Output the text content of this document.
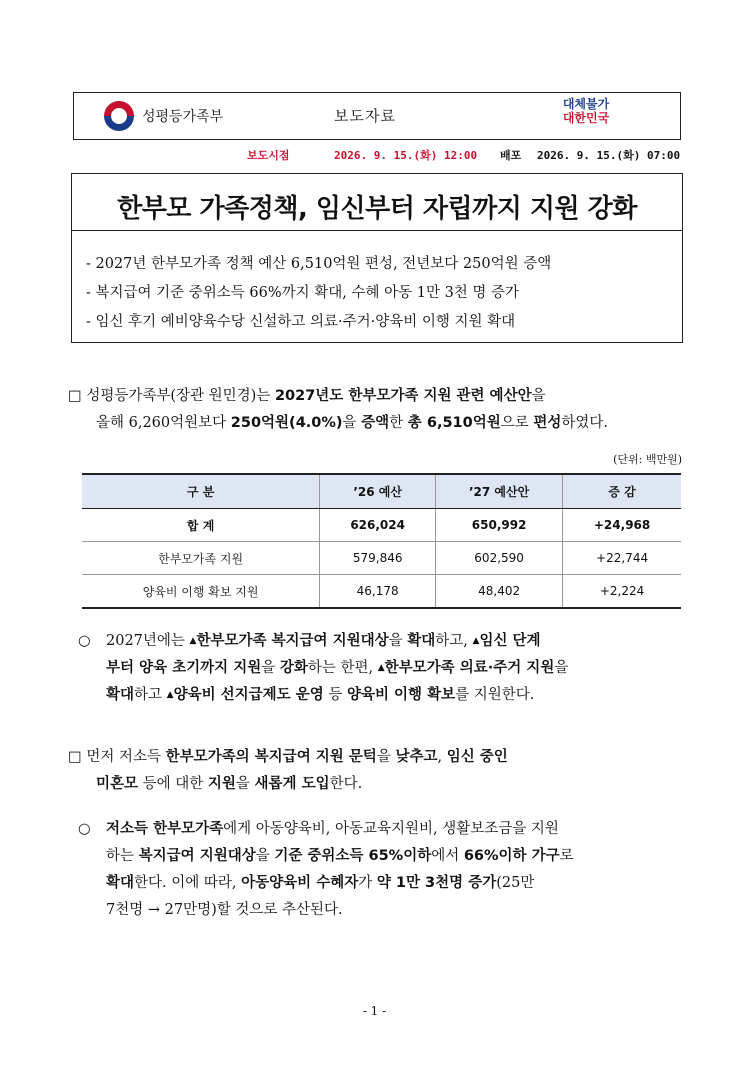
성평등가족부	보도자료
대체불가
대한민국
보도시점	2026. 9. 15.(화) 12:00 배포 2026. 9. 15.(화) 07:00
한부모 가족정책, 임신부터 자립까지 지원 강화
- 2027년 한부모가족 정책 예산 6,510억원 편성, 전년보다 250억원 증액
- 복지급여 기준 중위소득 66%까지 확대, 수혜 아동 1만 3천 명 증가
- 임신 후기 예비양육수당 신설하고 의료·주거·양육비 이행 지원 확대
□ 성평등가족부(장관 원민경)는 2027년도 한부모가족 지원 관련 예산안을
올해 6,260억원보다 250억원(4.0%)을 증액한 총 6,510억원으로 편성하였다.
(단위: 백만원)
구 분	’26 예산	’27 예산안	증 감
합 계	626,024	650,992	+24,968
한부모가족 지원	579,846	602,590	+22,744
양육비 이행 확보 지원	46,178	48,402	+2,224
○	2027년에는 ▲한부모가족 복지급여 지원대상을 확대하고, ▲임신 단계
부터 양육 초기까지 지원을 강화하는 한편, ▲한부모가족 의료·주거 지원을
확대하고 ▲양육비 선지급제도 운영 등 양육비 이행 확보를 지원한다.
□ 먼저 저소득 한부모가족의 복지급여 지원 문턱을 낮추고, 임신 중인
미혼모 등에 대한 지원을 새롭게 도입한다.
○	저소득 한부모가족에게 아동양육비, 아동교육지원비, 생활보조금을 지원
하는 복지급여 지원대상을 기준 중위소득 65%이하에서 66%이하 가구로
확대한다. 이에 따라, 아동양육비 수혜자가 약 1만 3천명 증가(25만
7천명 → 27만명)할 것으로 추산된다.
- 1 -
